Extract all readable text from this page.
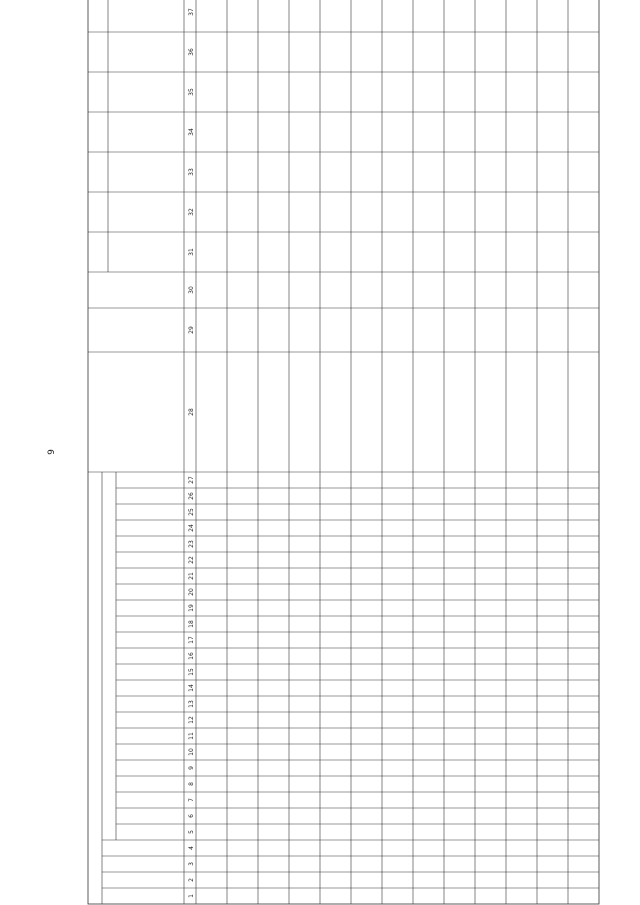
9
1
2
3
4
5
6
7
8
9
10
11
12
13
14
15
16
17
18
19
20
21
22
23
24
25
26
27
28
29
30
31
32
33
34
35
36
37
